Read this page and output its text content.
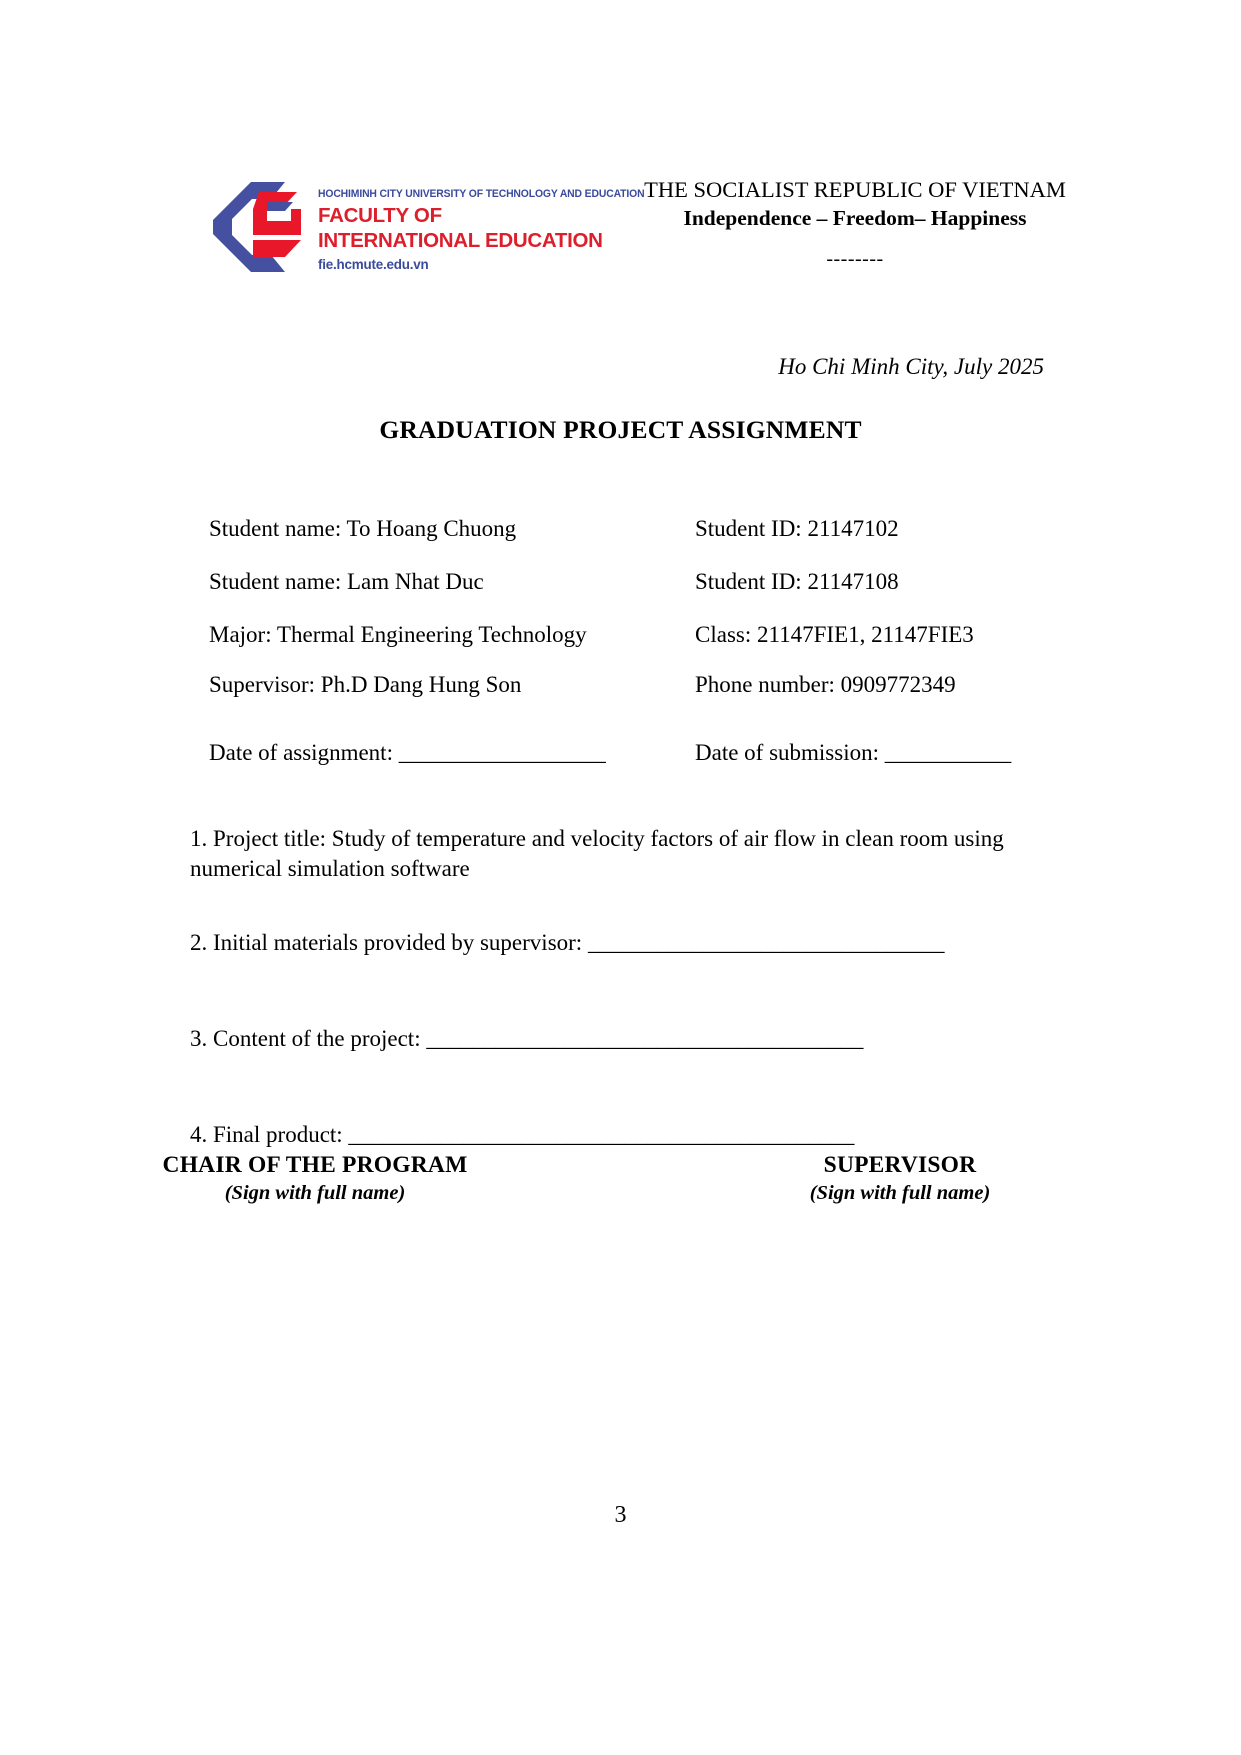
HOCHIMINH CITY UNIVERSITY OF TECHNOLOGY AND EDUCATION
FACULTY OF
INTERNATIONAL EDUCATION
fie.hcmute.edu.vn
THE SOCIALIST REPUBLIC OF VIETNAM
Independence – Freedom– Happiness
--------
Ho Chi Minh City, July 2025
GRADUATION PROJECT ASSIGNMENT
Student name: To Hoang Chuong	Student ID: 21147102
Student name: Lam Nhat Duc	Student ID: 21147108
Major: Thermal Engineering Technology	Class: 21147FIE1, 21147FIE3
Supervisor: Ph.D Dang Hung Son	Phone number: 0909772349
Date of assignment: __________________	Date of submission: ___________
1. Project title: Study of temperature and velocity factors of air flow in clean room using numerical simulation software
2. Initial materials provided by supervisor: _______________________________
3. Content of the project: ______________________________________
4. Final product: ____________________________________________
CHAIR OF THE PROGRAM
(Sign with full name)
SUPERVISOR
(Sign with full name)
3
